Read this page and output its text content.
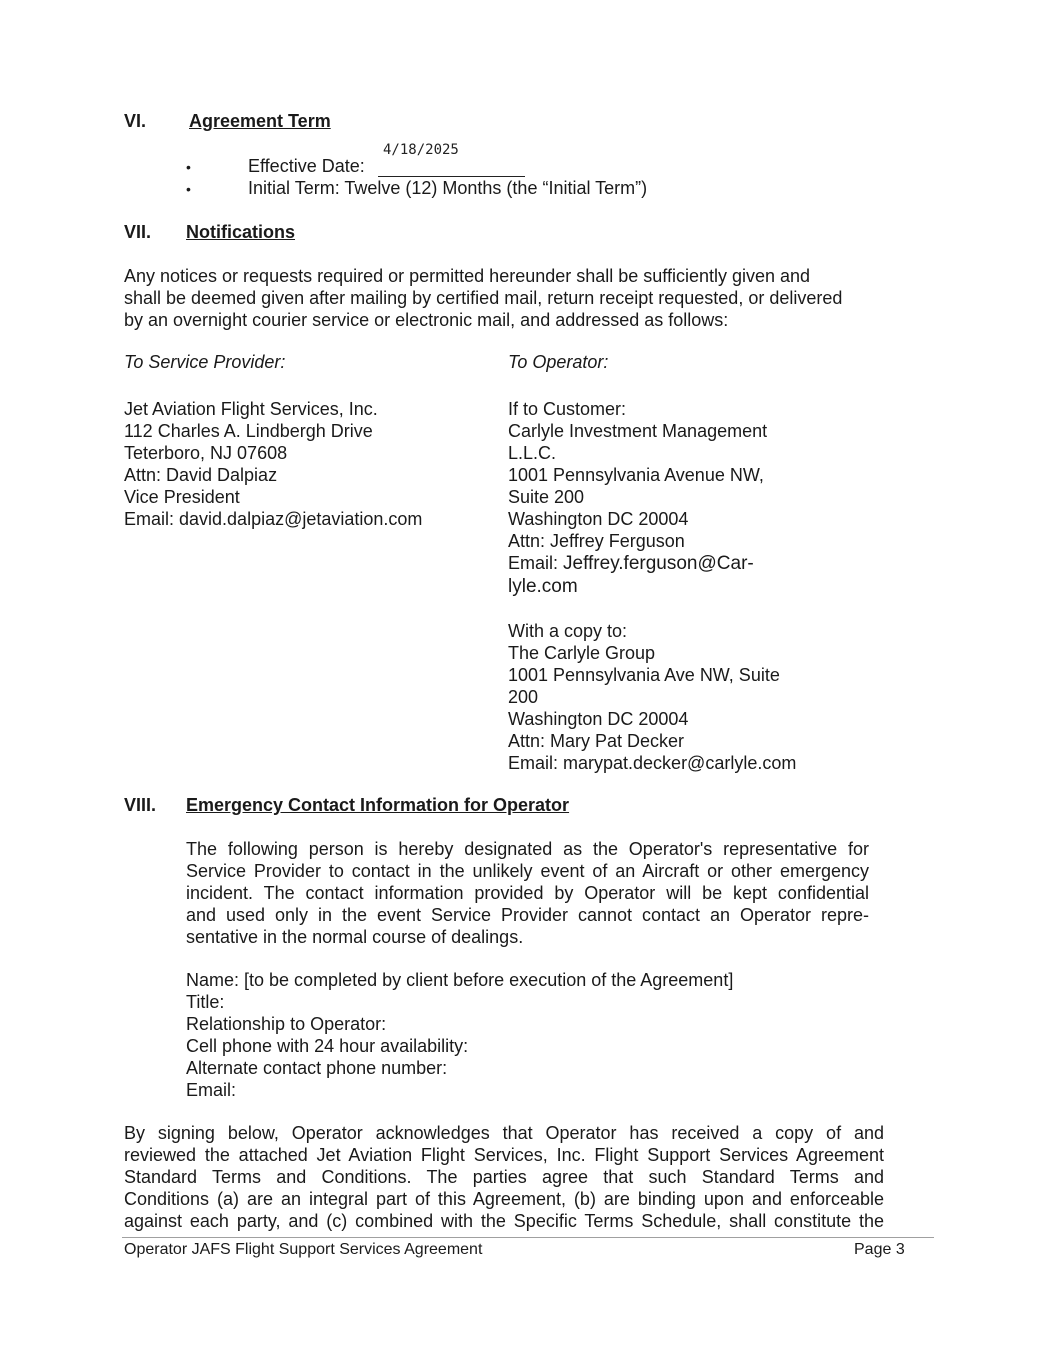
VI. Agreement Term
4/18/2025
•	Effective Date:
•	Initial Term: Twelve (12) Months (the “Initial Term”)
VII. Notifications
Any notices or requests required or permitted hereunder shall be sufficiently given and
shall be deemed given after mailing by certified mail, return receipt requested, or delivered
by an overnight courier service or electronic mail, and addressed as follows:
To Service Provider:
Jet Aviation Flight Services, Inc.
112 Charles A. Lindbergh Drive
Teterboro, NJ 07608
Attn: David Dalpiaz
Vice President
Email: david.dalpiaz@jetaviation.com
To Operator:
If to Customer:
Carlyle Investment Management
L.L.C.
1001 Pennsylvania Avenue NW,
Suite 200
Washington DC 20004
Attn: Jeffrey Ferguson
Email: Jeffrey.ferguson@Car-
lyle.com
With a copy to:
The Carlyle Group
1001 Pennsylvania Ave NW, Suite
200
Washington DC 20004
Attn: Mary Pat Decker
Email: marypat.decker@carlyle.com
VIII. Emergency Contact Information for Operator
The following person is hereby designated as the Operator's representative for
Service Provider to contact in the unlikely event of an Aircraft or other emergency
incident. The contact information provided by Operator will be kept confidential
and used only in the event Service Provider cannot contact an Operator repre-
sentative in the normal course of dealings.
Name: [to be completed by client before execution of the Agreement]
Title:
Relationship to Operator:
Cell phone with 24 hour availability:
Alternate contact phone number:
Email:
By signing below, Operator acknowledges that Operator has received a copy of and
reviewed the attached Jet Aviation Flight Services, Inc. Flight Support Services Agreement
Standard Terms and Conditions. The parties agree that such Standard Terms and
Conditions (a) are an integral part of this Agreement, (b) are binding upon and enforceable
against each party, and (c) combined with the Specific Terms Schedule, shall constitute the
Operator JAFS Flight Support Services Agreement	Page 3
